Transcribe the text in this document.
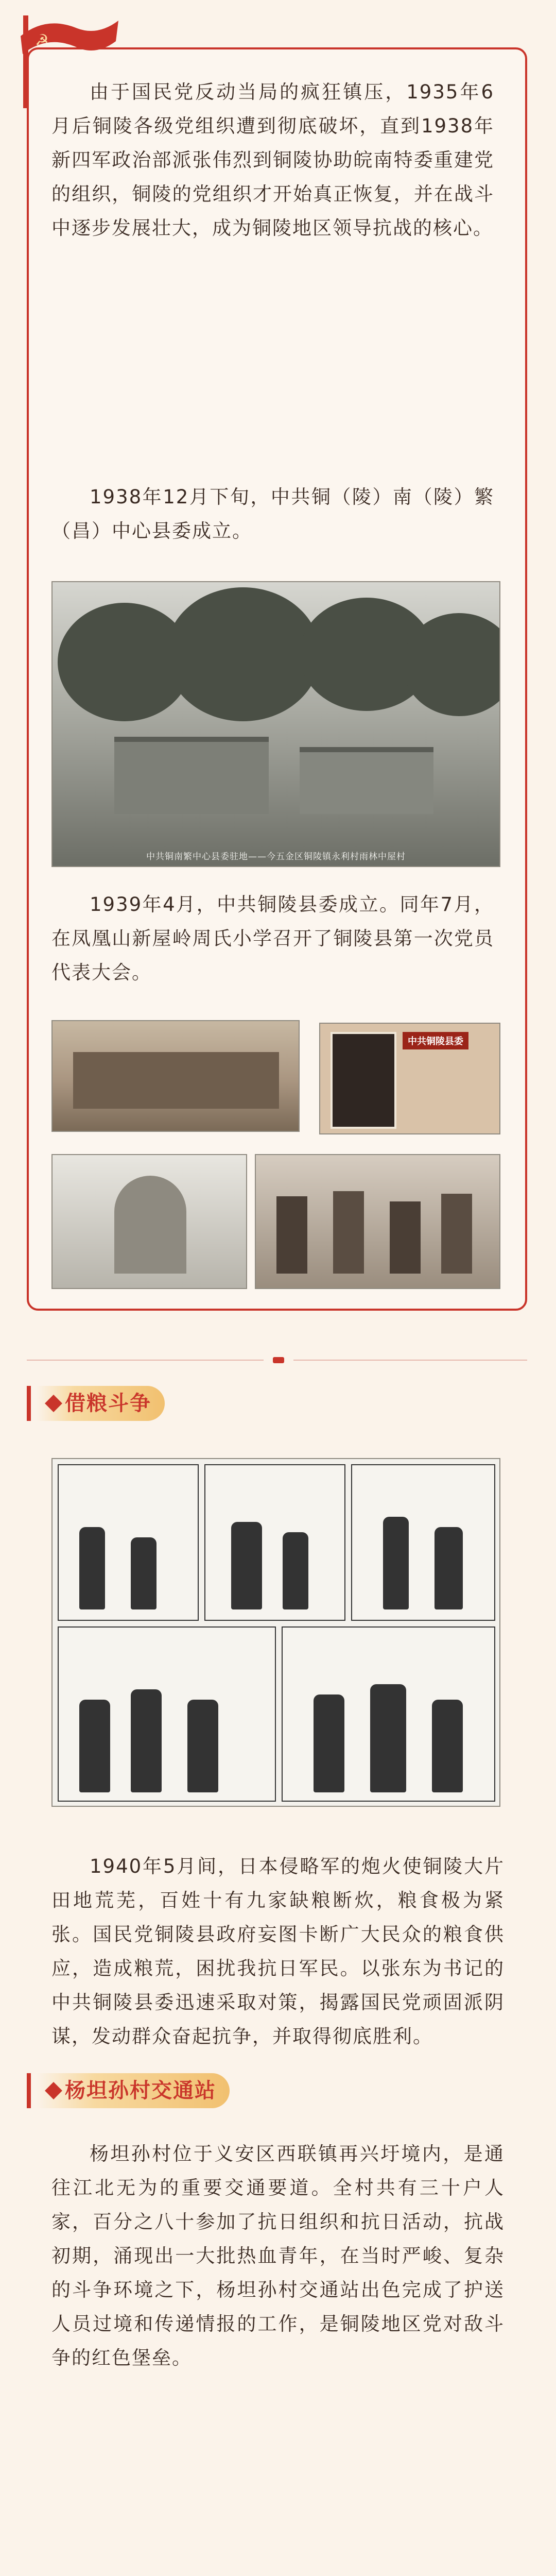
☭
由于国民党反动当局的疯狂镇压，1935年6月后铜陵各级党组织遭到彻底破坏，直到1938年新四军政治部派张伟烈到铜陵协助皖南特委重建党的组织，铜陵的党组织才开始真正恢复，并在战斗中逐步发展壮大，成为铜陵地区领导抗战的核心。
1938年12月下旬，中共铜（陵）南（陵）繁（昌）中心县委成立。
中共铜南繁中心县委驻地——今五金区铜陵镇永利村雨林中屋村
1939年4月，中共铜陵县委成立。同年7月，在凤凰山新屋岭周氏小学召开了铜陵县第一次党员代表大会。
中共铜陵县委
借粮斗争
1940年5月间，日本侵略军的炮火使铜陵大片田地荒芜，百姓十有九家缺粮断炊，粮食极为紧张。国民党铜陵县政府妄图卡断广大民众的粮食供应，造成粮荒，困扰我抗日军民。以张东为书记的中共铜陵县委迅速采取对策，揭露国民党顽固派阴谋，发动群众奋起抗争，并取得彻底胜利。
杨坦孙村交通站
杨坦孙村位于义安区西联镇再兴圩境内，是通往江北无为的重要交通要道。全村共有三十户人家，百分之八十参加了抗日组织和抗日活动，抗战初期，涌现出一大批热血青年，在当时严峻、复杂的斗争环境之下，杨坦孙村交通站出色完成了护送人员过境和传递情报的工作，是铜陵地区党对敌斗争的红色堡垒。
